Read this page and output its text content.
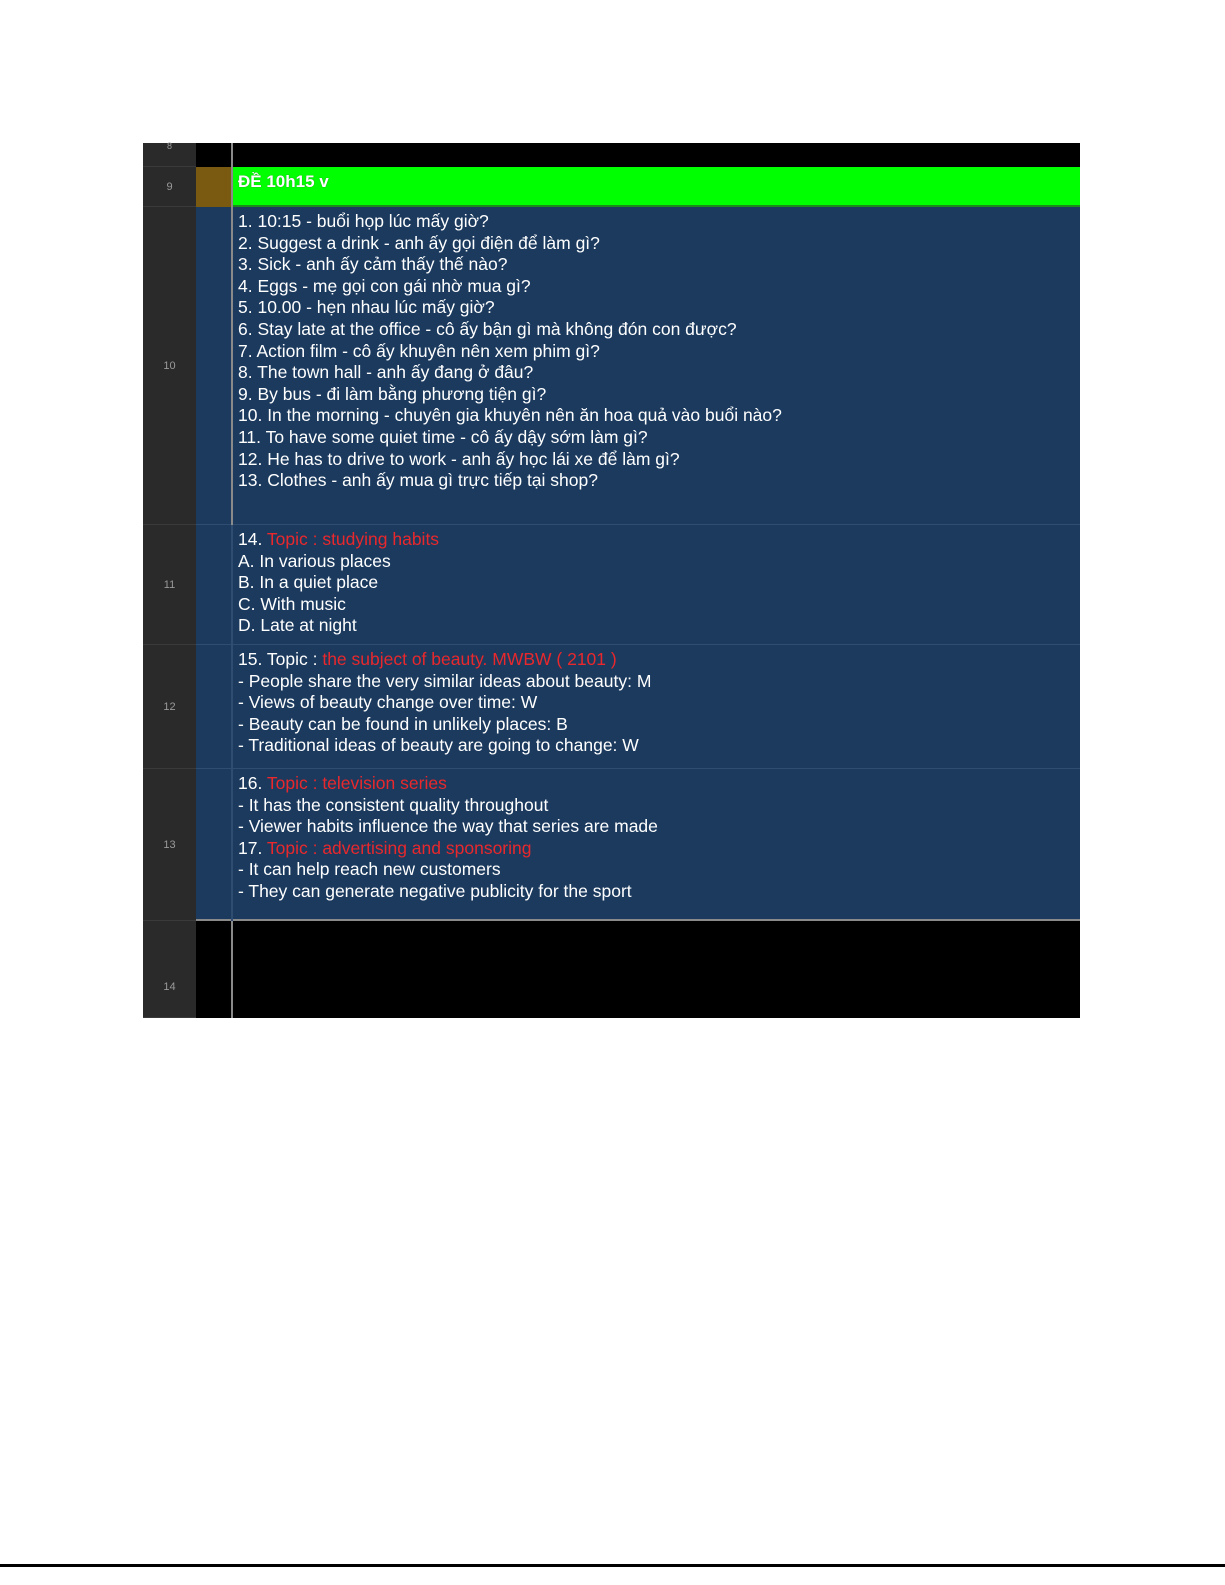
8
9	ĐỀ 10h15 v
10
1. 10:15 - buổi họp lúc mấy giờ?
2. Suggest a drink - anh ấy gọi điện để làm gì?
3. Sick - anh ấy cảm thấy thế nào?
4. Eggs - mẹ gọi con gái nhờ mua gì?
5. 10.00 - hẹn nhau lúc mấy giờ?
6. Stay late at the office - cô ấy bận gì mà không đón con được?
7. Action film - cô ấy khuyên nên xem phim gì?
8. The town hall - anh ấy đang ở đâu?
9. By bus - đi làm bằng phương tiện gì?
10. In the morning - chuyên gia khuyên nên ăn hoa quả vào buổi nào?
11. To have some quiet time - cô ấy dậy sớm làm gì?
12. He has to drive to work - anh ấy học lái xe để làm gì?
13. Clothes - anh ấy mua gì trực tiếp tại shop?
11
14. Topic : studying habits
A. In various places
B. In a quiet place
C. With music
D. Late at night
12
15. Topic : the subject of beauty. MWBW ( 2101 )
- People share the very similar ideas about beauty: M
- Views of beauty change over time: W
- Beauty can be found in unlikely places: B
- Traditional ideas of beauty are going to change: W
13
16. Topic : television series
- It has the consistent quality throughout
- Viewer habits influence the way that series are made
17. Topic : advertising and sponsoring
- It can help reach new customers
- They can generate negative publicity for the sport
14
